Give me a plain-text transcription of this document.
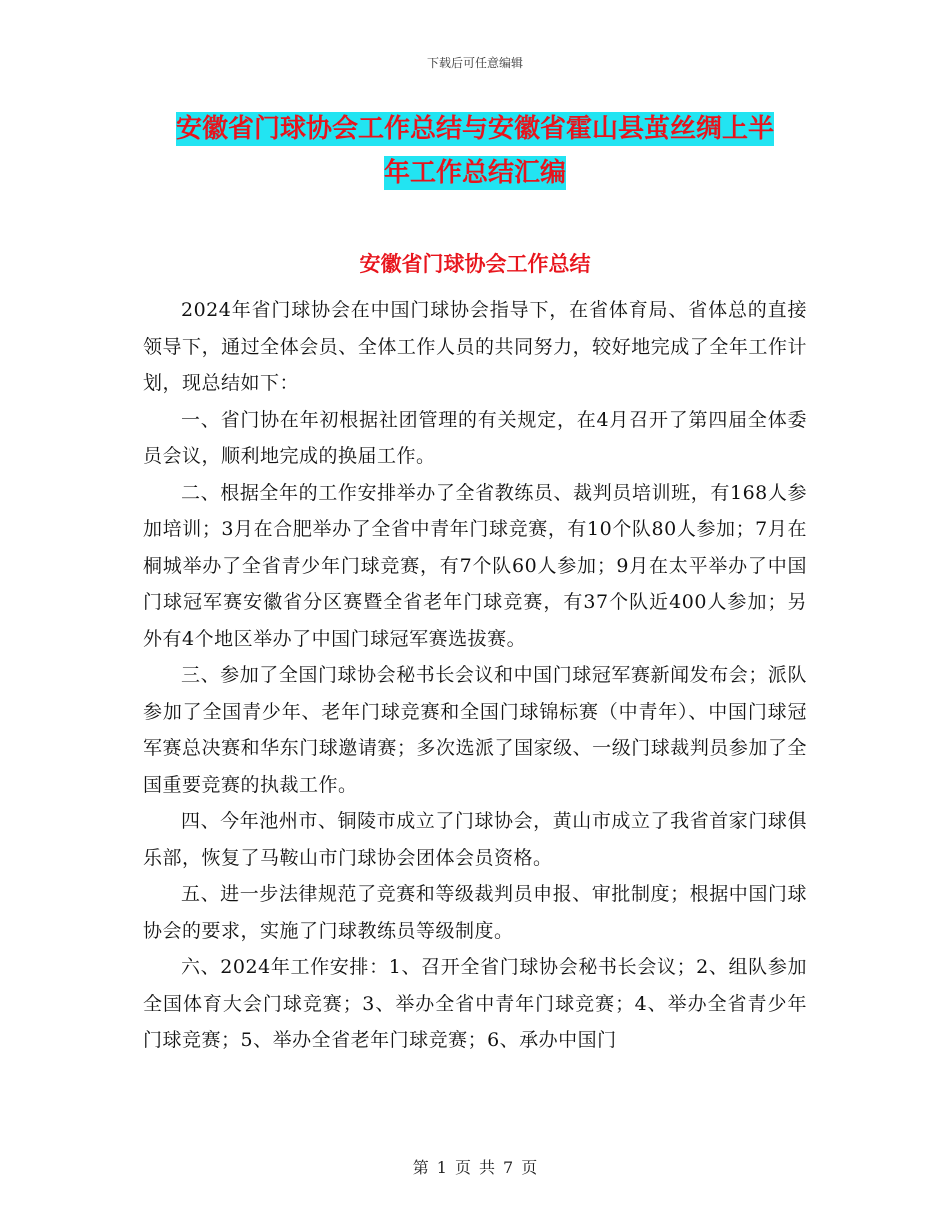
下载后可任意编辑
安徽省门球协会工作总结与安徽省霍山县茧丝绸上半
年工作总结汇编
安徽省门球协会工作总结

2024年省门球协会在中国门球协会指导下，在省体育局、省体总的直接领导下，通过全体会员、全体工作人员的共同努力，较好地完成了全年工作计划，现总结如下：

一、省门协在年初根据社团管理的有关规定，在4月召开了第四届全体委员会议，顺利地完成的换届工作。

二、根据全年的工作安排举办了全省教练员、裁判员培训班，有168人参加培训；3月在合肥举办了全省中青年门球竞赛，有10个队80人参加；7月在桐城举办了全省青少年门球竞赛，有7个队60人参加；9月在太平举办了中国门球冠军赛安徽省分区赛暨全省老年门球竞赛，有37个队近400人参加；另外有4个地区举办了中国门球冠军赛选拔赛。

三、参加了全国门球协会秘书长会议和中国门球冠军赛新闻发布会；派队参加了全国青少年、老年门球竞赛和全国门球锦标赛（中青年）、中国门球冠军赛总决赛和华东门球邀请赛；多次选派了国家级、一级门球裁判员参加了全国重要竞赛的执裁工作。

四、今年池州市、铜陵市成立了门球协会，黄山市成立了我省首家门球俱乐部，恢复了马鞍山市门球协会团体会员资格。

五、进一步法律规范了竞赛和等级裁判员申报、审批制度；根据中国门球协会的要求，实施了门球教练员等级制度。

六、2024年工作安排：1、召开全省门球协会秘书长会议；2、组队参加全国体育大会门球竞赛；3、举办全省中青年门球竞赛；4、举办全省青少年门球竞赛；5、举办全省老年门球竞赛；6、承办中国门

第 1 页 共 7 页
